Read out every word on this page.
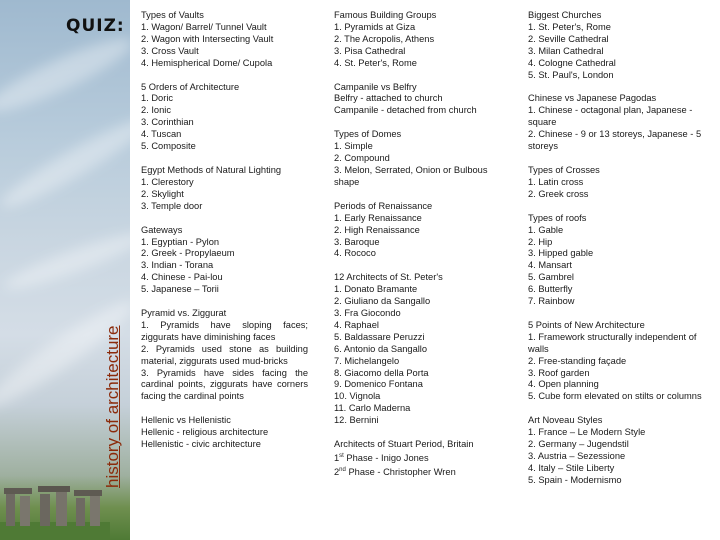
QUIZ:
history of architecture
Types of Vaults
1. Wagon/ Barrel/ Tunnel Vault
2. Wagon with Intersecting Vault
3. Cross Vault
4. Hemispherical Dome/ Cupola
5 Orders of Architecture
1. Doric
2. Ionic
3. Corinthian
4. Tuscan
5. Composite
Egypt Methods of Natural Lighting
1. Clerestory
2. Skylight
3. Temple door
Gateways
1. Egyptian - Pylon
2. Greek - Propylaeum
3. Indian - Torana
4. Chinese - Pai-lou
5. Japanese – Torii
Pyramid vs. Ziggurat
1. Pyramids have sloping faces; ziggurats have diminishing faces
2. Pyramids used stone as building material, ziggurats used mud-bricks
3. Pyramids have sides facing the cardinal points, ziggurats have corners facing the cardinal points
Hellenic vs Hellenistic
Hellenic - religious architecture
Hellenistic - civic architecture
Famous Building Groups
1. Pyramids at Giza
2. The Acropolis, Athens
3. Pisa Cathedral
4. St. Peter's, Rome
Campanile vs Belfry
Belfry - attached to church
Campanile - detached from church
Types of Domes
1. Simple
2. Compound
3. Melon, Serrated, Onion or Bulbous shape
Periods of Renaissance
1. Early Renaissance
2. High Renaissance
3. Baroque
4. Rococo
12 Architects of St. Peter's
1. Donato Bramante
2. Giuliano da Sangallo
3. Fra Giocondo
4. Raphael
5. Baldassare Peruzzi
6. Antonio da Sangallo
7. Michelangelo
8. Giacomo della Porta
9. Domenico Fontana
10. Vignola
11. Carlo Maderna
12. Bernini
Architects of Stuart Period, Britain
1st Phase - Inigo Jones
2nd Phase - Christopher Wren
Biggest Churches
1. St. Peter's, Rome
2. Seville Cathedral
3. Milan Cathedral
4. Cologne Cathedral
5. St. Paul's, London
Chinese vs Japanese Pagodas
1. Chinese - octagonal plan, Japanese - square
2. Chinese - 9 or 13 storeys, Japanese - 5 storeys
Types of Crosses
1. Latin cross
2. Greek cross
Types of roofs
1. Gable
2. Hip
3. Hipped gable
4. Mansart
5. Gambrel
6. Butterfly
7. Rainbow
5 Points of New Architecture
1. Framework structurally independent of walls
2. Free-standing façade
3. Roof garden
4. Open planning
5. Cube form elevated on stilts or columns
Art Noveau Styles
1. France – Le Modern Style
2. Germany – Jugendstil
3. Austria – Sezessione
4. Italy – Stile Liberty
5. Spain - Modernismo
